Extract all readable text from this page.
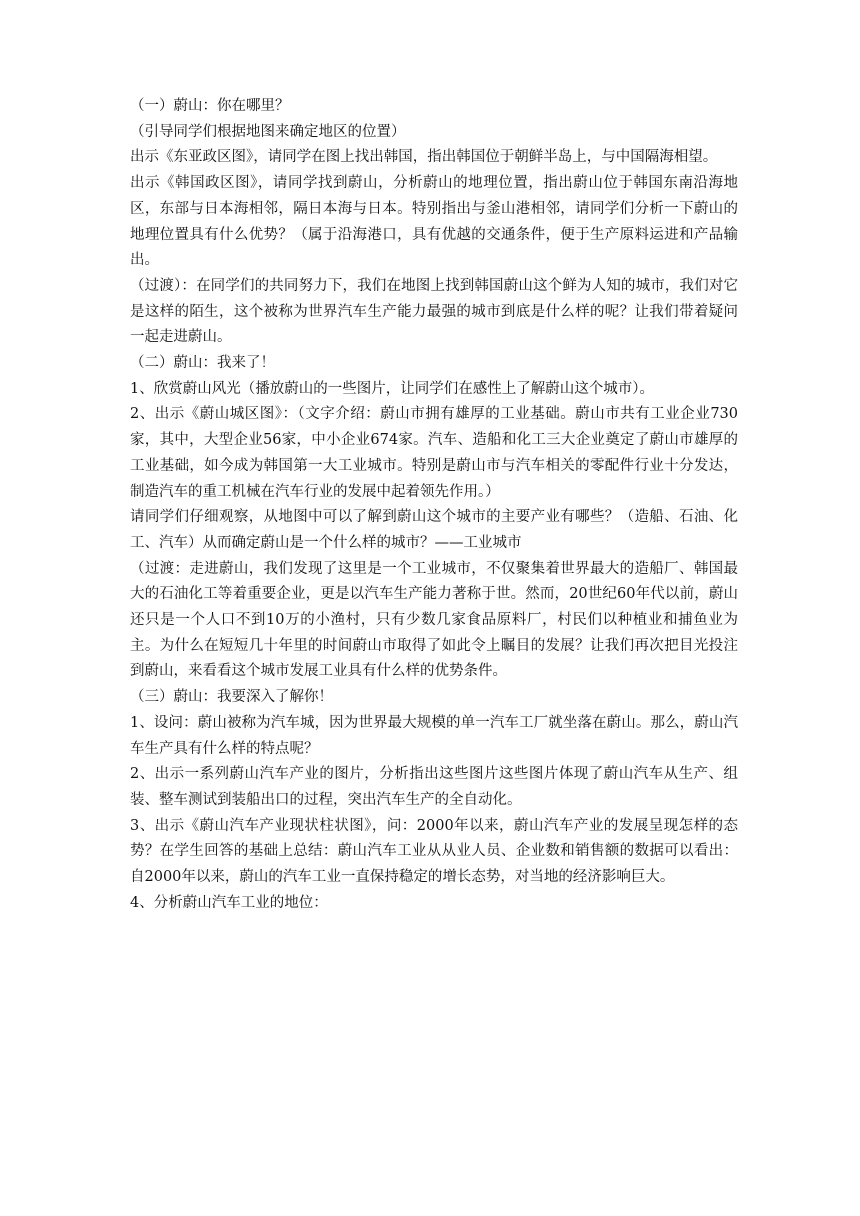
（一）蔚山：你在哪里？

（引导同学们根据地图来确定地区的位置）

出示《东亚政区图》，请同学在图上找出韩国，指出韩国位于朝鲜半岛上，与中国隔海相望。

出示《韩国政区图》，请同学找到蔚山，分析蔚山的地理位置，指出蔚山位于韩国东南沿海地区，东部与日本海相邻，隔日本海与日本。特别指出与釜山港相邻，请同学们分析一下蔚山的地理位置具有什么优势？（属于沿海港口，具有优越的交通条件，便于生产原料运进和产品输出。

（过渡）：在同学们的共同努力下，我们在地图上找到韩国蔚山这个鲜为人知的城市，我们对它是这样的陌生，这个被称为世界汽车生产能力最强的城市到底是什么样的呢？让我们带着疑问一起走进蔚山。

（二）蔚山：我来了！

1、欣赏蔚山风光（播放蔚山的一些图片，让同学们在感性上了解蔚山这个城市）。

2、出示《蔚山城区图》：（文字介绍：蔚山市拥有雄厚的工业基础。蔚山市共有工业企业730家，其中，大型企业56家，中小企业674家。汽车、造船和化工三大企业奠定了蔚山市雄厚的工业基础，如今成为韩国第一大工业城市。特别是蔚山市与汽车相关的零配件行业十分发达，制造汽车的重工机械在汽车行业的发展中起着领先作用。）

请同学们仔细观察，从地图中可以了解到蔚山这个城市的主要产业有哪些？（造船、石油、化工、汽车）从而确定蔚山是一个什么样的城市？——工业城市

（过渡：走进蔚山，我们发现了这里是一个工业城市，不仅聚集着世界最大的造船厂、韩国最大的石油化工等着重要企业，更是以汽车生产能力著称于世。然而，20世纪60年代以前，蔚山还只是一个人口不到10万的小渔村，只有少数几家食品原料厂，村民们以种植业和捕鱼业为主。为什么在短短几十年里的时间蔚山市取得了如此令上瞩目的发展？让我们再次把目光投注到蔚山，来看看这个城市发展工业具有什么样的优势条件。

（三）蔚山：我要深入了解你！

1、设问：蔚山被称为汽车城，因为世界最大规模的单一汽车工厂就坐落在蔚山。那么，蔚山汽车生产具有什么样的特点呢？

2、出示一系列蔚山汽车产业的图片，分析指出这些图片这些图片体现了蔚山汽车从生产、组装、整车测试到装船出口的过程，突出汽车生产的全自动化。

3、出示《蔚山汽车产业现状柱状图》，问：2000年以来，蔚山汽车产业的发展呈现怎样的态势？在学生回答的基础上总结：蔚山汽车工业从从业人员、企业数和销售额的数据可以看出：自2000年以来，蔚山的汽车工业一直保持稳定的增长态势，对当地的经济影响巨大。

4、分析蔚山汽车工业的地位：
